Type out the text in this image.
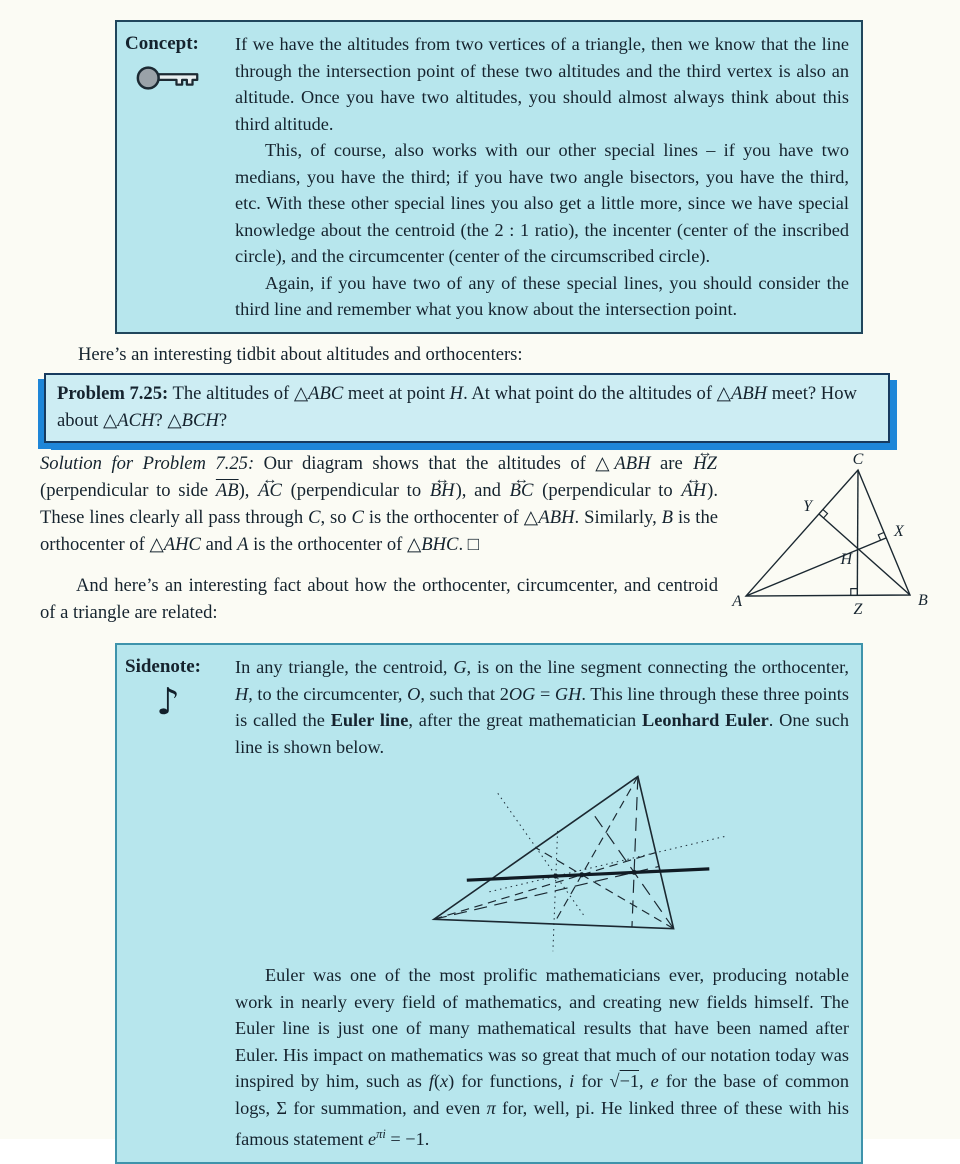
Concept:	If we have the altitudes from two vertices of a triangle, then we know that the line through the intersection point of these two altitudes and the third vertex is also an altitude. Once you have two altitudes, you should almost always think about this third altitude.

This, of course, also works with our other special lines – if you have two medians, you have the third; if you have two angle bisectors, you have the third, etc. With these other special lines you also get a little more, since we have special knowledge about the centroid (the 2 : 1 ratio), the incenter (center of the inscribed circle), and the circumcenter (center of the circumscribed circle).

Again, if you have two of any of these special lines, you should consider the third line and remember what you know about the intersection point.

Here’s an interesting tidbit about altitudes and orthocenters:

Problem 7.25: The altitudes of △ABC meet at point H. At what point do the altitudes of △ABH meet? How about △ACH? △BCH?

C
A	B
Y
X
H
Z

Solution for Problem 7.25: Our diagram shows that the altitudes of △ABH are ↔ HZ (perpendicular to side $\overline{AB}$), ↔ AC (perpendicular to ↔ BH), and ↔ BC (perpendicular to ↔ AH). These lines clearly all pass through C, so C is the orthocenter of △ABH. Similarly, B is the orthocenter of △AHC and A is the orthocenter of △BHC. □

And here’s an interesting fact about how the orthocenter, circumcenter, and centroid of a triangle are related:

Sidenote:
♪

In any triangle, the centroid, G, is on the line segment connecting the orthocenter, H, to the circumcenter, O, such that 2OG = GH. This line through these three points is called the Euler line, after the great mathematician Leonhard Euler. One such line is shown below.

Euler was one of the most prolific mathematicians ever, producing notable work in nearly every field of mathematics, and creating new fields himself. The Euler line is just one of many mathematical results that have been named after Euler. His impact on mathematics was so great that much of our notation today was inspired by him, such as f(x) for functions, i for √−1, e for the base of common logs, Σ for summation, and even π for, well, pi. He linked three of these with his famous statement $e^{\pi i} = -1$.
